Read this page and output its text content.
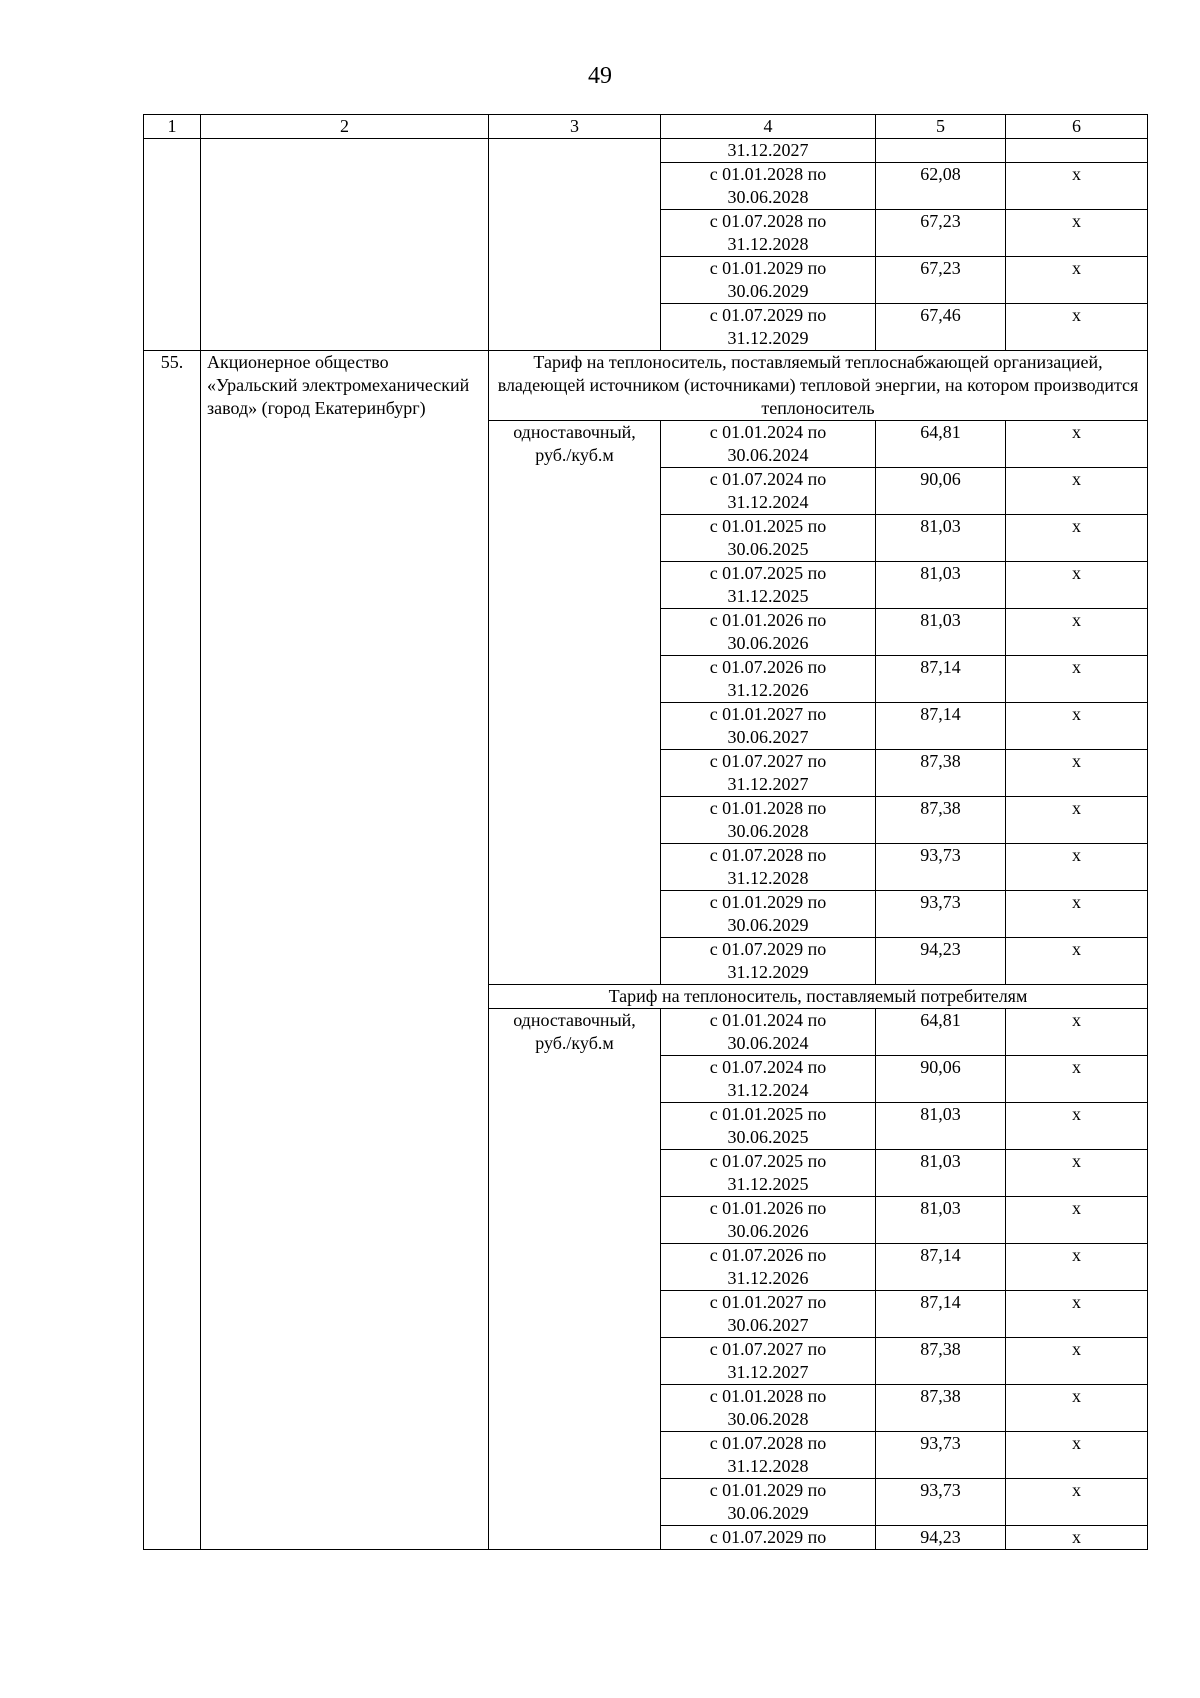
49
1	2	3	4	5	6
			31.12.2027		
			с 01.01.2028 по 30.06.2028	62,08	х
			с 01.07.2028 по 31.12.2028	67,23	х
			с 01.01.2029 по 30.06.2029	67,23	х
			с 01.07.2029 по 31.12.2029	67,46	х
55.	Акционерное общество «Уральский электромеханический завод» (город Екатеринбург)	Тариф на теплоноситель, поставляемый теплоснабжающей организацией, владеющей источником (источниками) тепловой энергии, на котором производится теплоноситель			
		одноставочный, руб./куб.м	с 01.01.2024 по 30.06.2024	64,81	х
			с 01.07.2024 по 31.12.2024	90,06	х
			с 01.01.2025 по 30.06.2025	81,03	х
			с 01.07.2025 по 31.12.2025	81,03	х
			с 01.01.2026 по 30.06.2026	81,03	х
			с 01.07.2026 по 31.12.2026	87,14	х
			с 01.01.2027 по 30.06.2027	87,14	х
			с 01.07.2027 по 31.12.2027	87,38	х
			с 01.01.2028 по 30.06.2028	87,38	х
			с 01.07.2028 по 31.12.2028	93,73	х
			с 01.01.2029 по 30.06.2029	93,73	х
			с 01.07.2029 по 31.12.2029	94,23	х
		Тариф на теплоноситель, поставляемый потребителям			
		одноставочный, руб./куб.м	с 01.01.2024 по 30.06.2024	64,81	х
			с 01.07.2024 по 31.12.2024	90,06	х
			с 01.01.2025 по 30.06.2025	81,03	х
			с 01.07.2025 по 31.12.2025	81,03	х
			с 01.01.2026 по 30.06.2026	81,03	х
			с 01.07.2026 по 31.12.2026	87,14	х
			с 01.01.2027 по 30.06.2027	87,14	х
			с 01.07.2027 по 31.12.2027	87,38	х
			с 01.01.2028 по 30.06.2028	87,38	х
			с 01.07.2028 по 31.12.2028	93,73	х
			с 01.01.2029 по 30.06.2029	93,73	х
			с 01.07.2029 по	94,23	х
